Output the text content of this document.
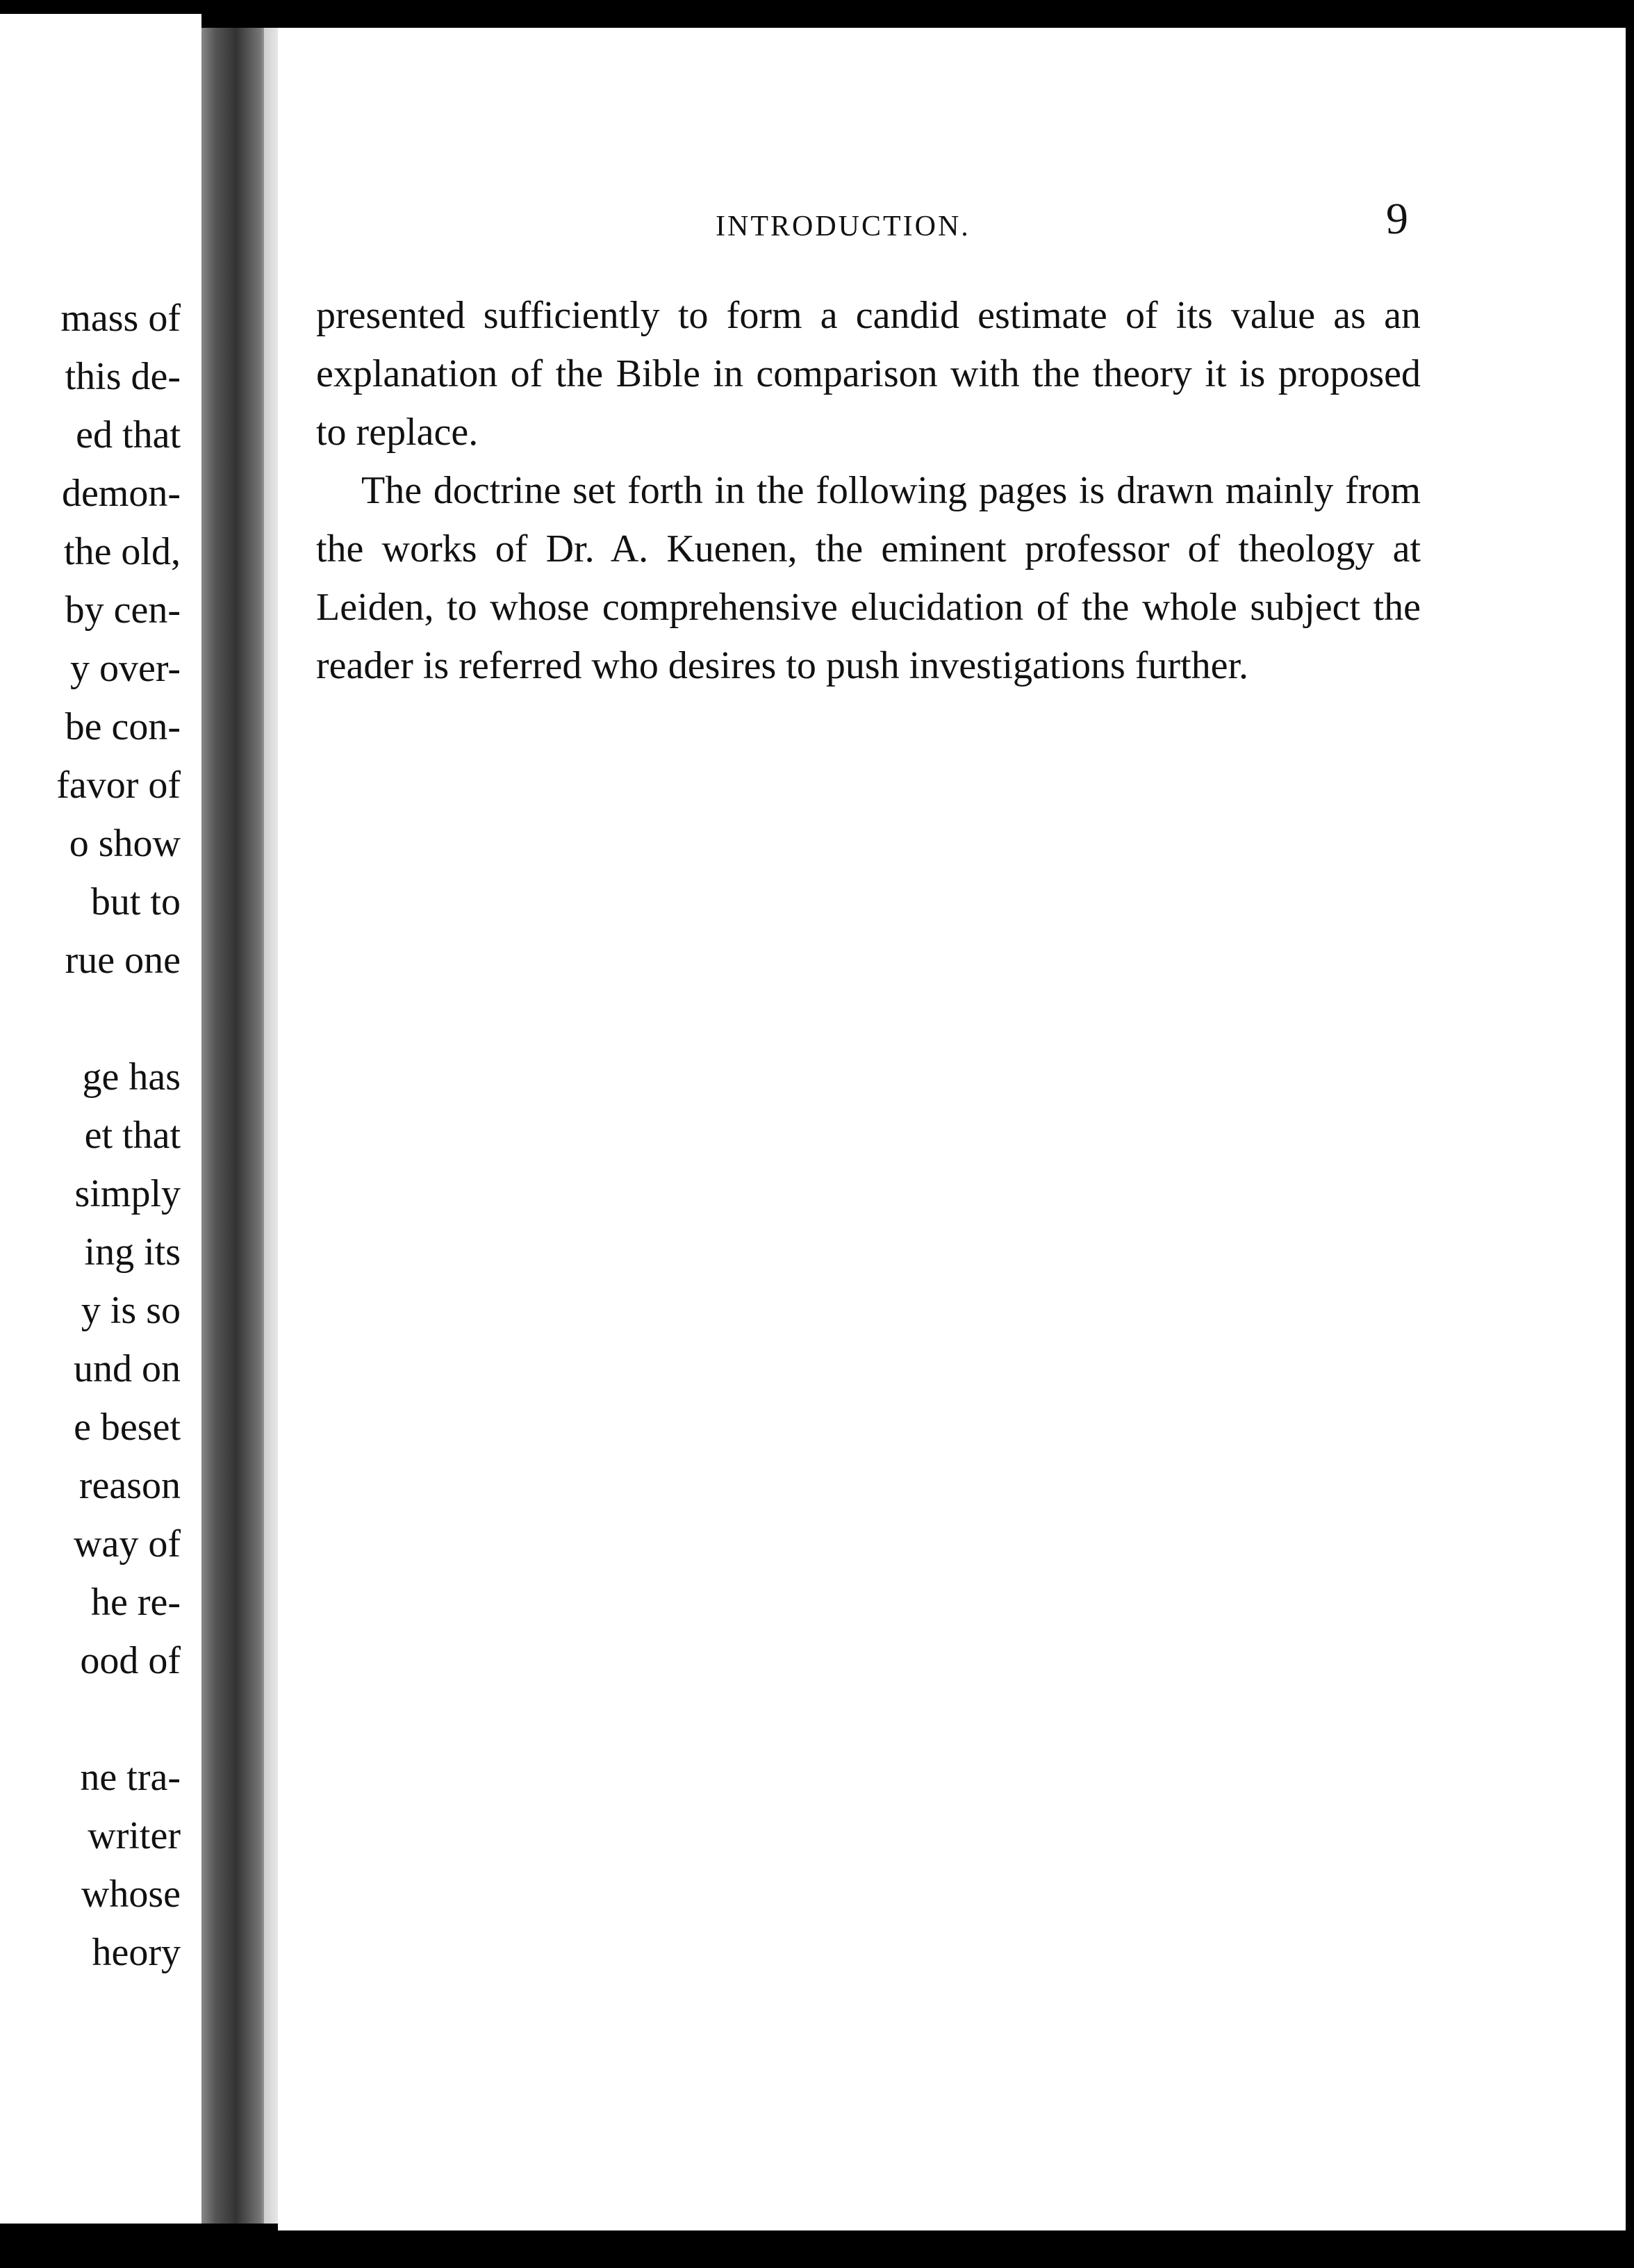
mass of
this de-
ed that
demon-
the old,
by cen-
y over-
be con-
favor of
o show
but to
rue one
ge has
et that
simply
ing its
y is so
und on
e beset
reason
way of
he re-
ood of
ne tra-
writer
whose
heory
INTRODUCTION.	9

presented sufficiently to form a candid estimate of its value as an explanation of the Bible in comparison with the theory it is proposed to replace.

The doctrine set forth in the following pages is drawn mainly from the works of Dr. A. Kuenen, the eminent professor of theology at Leiden, to whose comprehensive elucidation of the whole subject the reader is referred who desires to push investigations further.
